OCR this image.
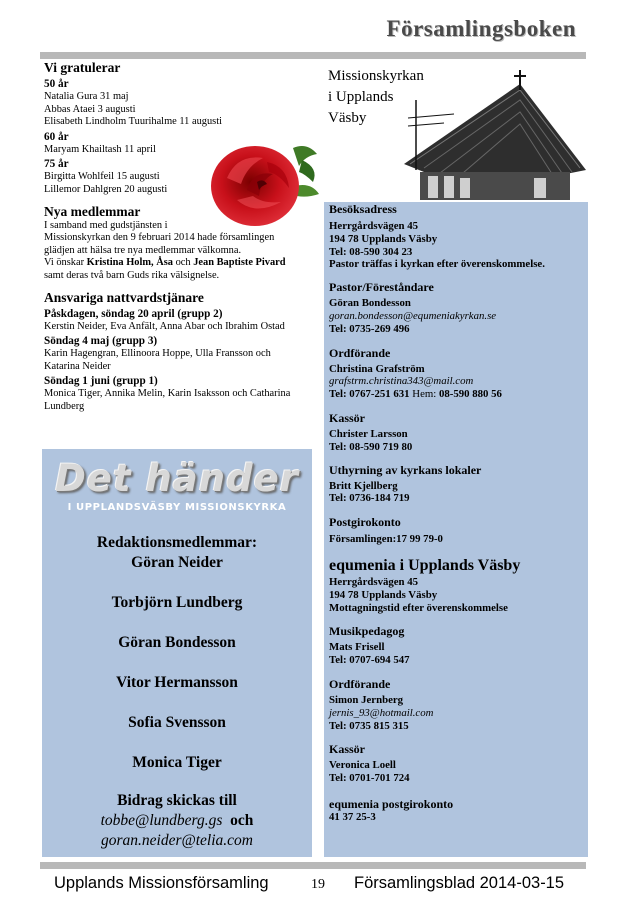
Församlingsboken
Vi gratulerar
50 år
Natalia Gura 31 maj
Abbas Ataei 3 augusti
Elisabeth Lindholm Tuurihalme 11 augusti
60 år
Maryam Khailtash 11 april
75 år
Birgitta Wohlfeil 15 augusti
Lillemor Dahlgren 20 augusti
Nya medlemmar
I samband med gudstjänsten i
Missionskyrkan den 9 februari 2014 hade församlingen
glädjen att hälsa tre nya medlemmar välkomna.
Vi önskar Kristina Holm, Åsa och Jean Baptiste Pivard
samt deras två barn Guds rika välsignelse.
Ansvariga nattvardstjänare
Påskdagen, söndag 20 april (grupp 2)
Kerstin Neider, Eva Anfält, Anna Abar och Ibrahim Ostad
Söndag 4 maj (grupp 3)
Karin Hagengran, Ellinoora Hoppe, Ulla Fransson och
Katarina Neider
Söndag 1 juni (grupp 1)
Monica Tiger, Annika Melin, Karin Isaksson och Catharina
Lundberg
Det händer
I UPPLANDSVÄSBY MISSIONSKYRKA
Redaktionsmedlemmar:
Göran Neider
Torbjörn Lundberg
Göran Bondesson
Vitor Hermansson
Sofia Svensson
Monica Tiger
Bidrag skickas till
tobbe@lundberg.gs och
goran.neider@telia.com
Missionskyrkan
i Upplands
Väsby
Besöksadress
Herrgårdsvägen 45
194 78 Upplands Väsby
Tel: 08-590 304 23
Pastor träffas i kyrkan efter överenskommelse.
Pastor/Föreståndare
Göran Bondesson
goran.bondesson@equmeniakyrkan.se
Tel: 0735-269 496
Ordförande
Christina Grafström
grafstrm.christina343@mail.com
Tel: 0767-251 631 Hem: 08-590 880 56
Kassör
Christer Larsson
Tel: 08-590 719 80
Uthyrning av kyrkans lokaler
Britt Kjellberg
Tel: 0736-184 719
Postgirokonto
Församlingen:17 99 79-0
equmenia i Upplands Väsby
Herrgårdsvägen 45
194 78 Upplands Väsby
Mottagningstid efter överenskommelse
Musikpedagog
Mats Frisell
Tel: 0707-694 547
Ordförande
Simon Jernberg
jernis_93@hotmail.com
Tel: 0735 815 315
Kassör
Veronica Loell
Tel: 0701-701 724
equmenia postgirokonto
41 37 25-3
Upplands Missionsförsamling	19 Församlingsblad 2014-03-15
